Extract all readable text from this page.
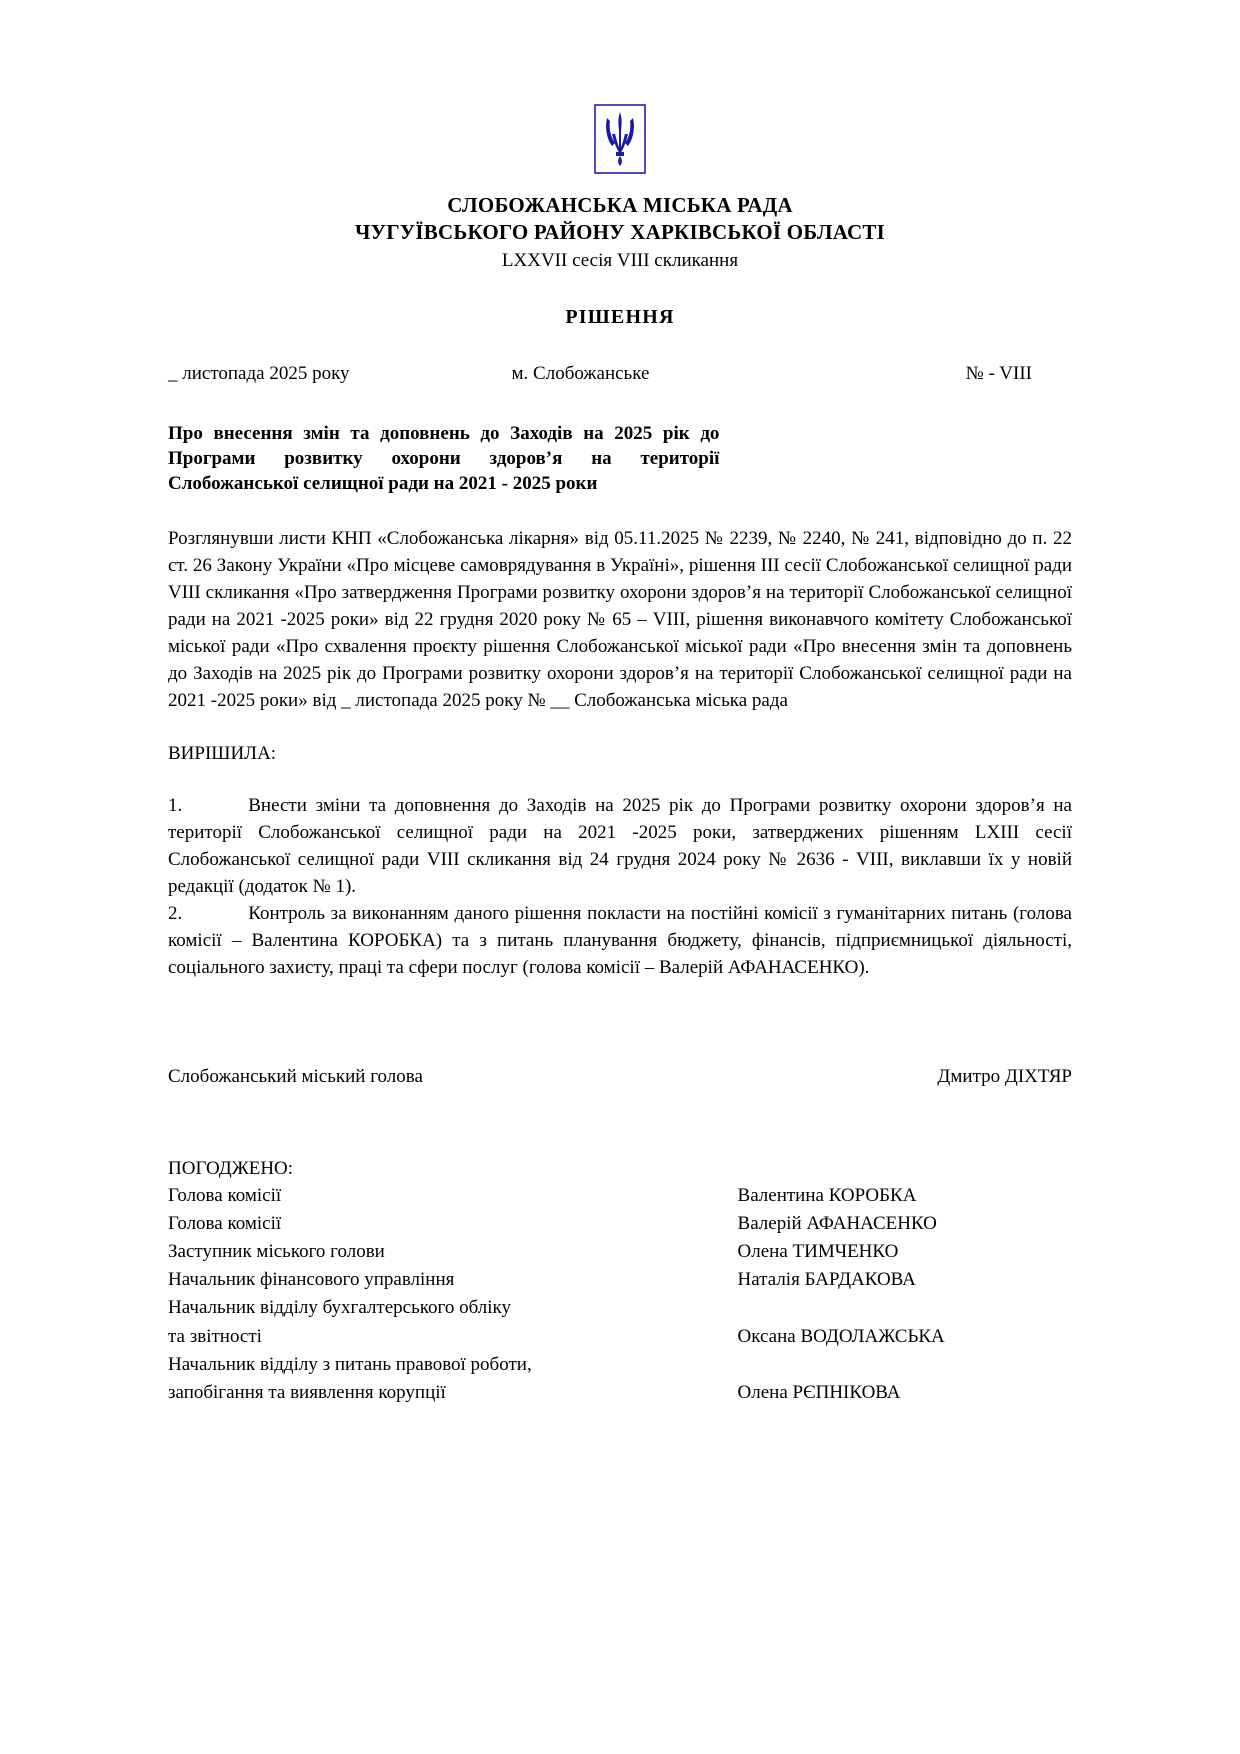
СЛОБОЖАНСЬКА МІСЬКА РАДА
ЧУГУЇВСЬКОГО РАЙОНУ ХАРКІВСЬКОЇ ОБЛАСТІ
LXXVII сесія VIII скликання
РІШЕННЯ
_ листопада 2025 року	м. Слобожанське	№ - VIII
Про внесення змін та доповнень до Заходів на 2025 рік до Програми розвитку охорони здоров’я на території Слобожанської селищної ради на 2021 - 2025 роки
Розглянувши листи КНП «Слобожанська лікарня» від 05.11.2025 № 2239, № 2240, № 241, відповідно до п. 22 ст. 26 Закону України «Про місцеве самоврядування в Україні», рішення III сесії Слобожанської селищної ради VIII скликання «Про затвердження Програми розвитку охорони здоров’я на території Слобожанської селищної ради на 2021 -2025 роки» від 22 грудня 2020 року № 65 – VIII, рішення виконавчого комітету Слобожанської міської ради «Про схвалення проєкту рішення Слобожанської міської ради «Про внесення змін та доповнень до Заходів на 2025 рік до Програми розвитку охорони здоров’я на території Слобожанської селищної ради на 2021 -2025 роки» від _ листопада 2025 року № __ Слобожанська міська рада
ВИРІШИЛА:

1.	Внести зміни та доповнення до Заходів на 2025 рік до Програми розвитку охорони здоров’я на території Слобожанської селищної ради на 2021 -2025 роки, затверджених рішенням LXIII сесії Слобожанської селищної ради VIII скликання від 24 грудня 2024 року № 2636 - VIII, виклавши їх у новій редакції (додаток № 1).

2.	Контроль за виконанням даного рішення покласти на постійні комісії з гуманітарних питань (голова комісії – Валентина КОРОБКА) та з питань планування бюджету, фінансів, підприємницької діяльності, соціального захисту, праці та сфери послуг (голова комісії – Валерій АФАНАСЕНКО).

Слобожанський міський голова	Дмитро ДІХТЯР
ПОГОДЖЕНО:
Голова комісії	Валентина КОРОБКА
Голова комісії	Валерій АФАНАСЕНКО
Заступник міського голови	Олена ТИМЧЕНКО
Начальник фінансового управління	Наталія БАРДАКОВА
Начальник відділу бухгалтерського обліку	
та звітності	Оксана ВОДОЛАЖСЬКА
Начальник відділу з питань правової роботи,	
запобігання та виявлення корупції	Олена РЄПНІКОВА
